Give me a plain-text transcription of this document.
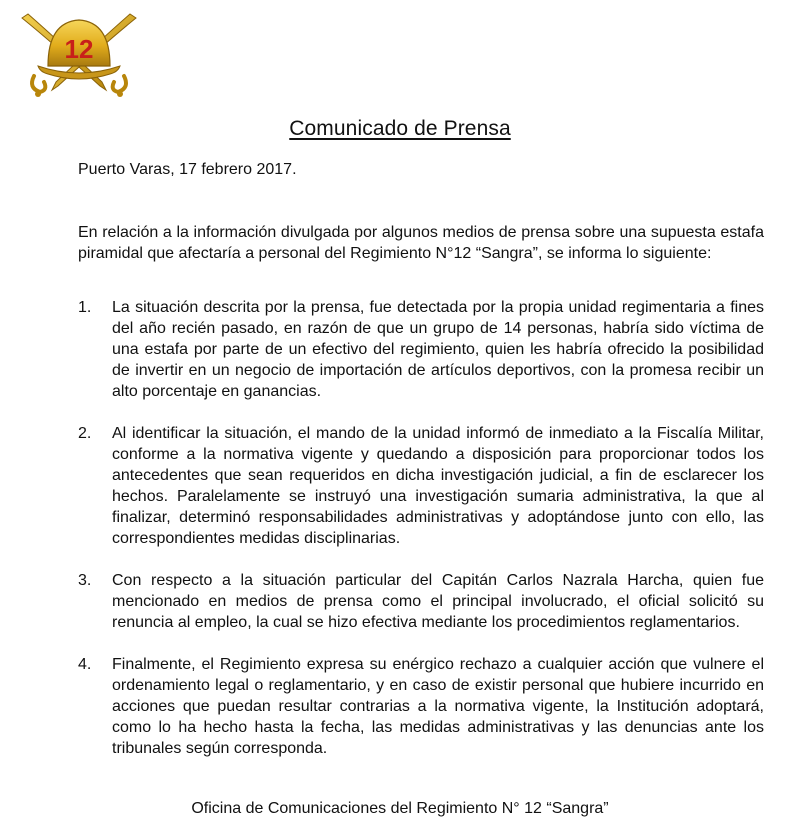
12
Comunicado de Prensa
Puerto Varas, 17 febrero 2017.
En relación a la información divulgada por algunos medios de prensa sobre una supuesta estafa piramidal que afectaría a personal del Regimiento N°12 “Sangra”, se informa lo siguiente:
1. La situación descrita por la prensa, fue detectada por la propia unidad regimentaria a fines del año recién pasado, en razón de que un grupo de 14 personas, habría sido víctima de una estafa por parte de un efectivo del regimiento, quien les habría ofrecido la posibilidad de invertir en un negocio de importación de artículos deportivos, con la promesa recibir un alto porcentaje en ganancias.
2. Al identificar la situación, el mando de la unidad informó de inmediato a la Fiscalía Militar, conforme a la normativa vigente y quedando a disposición para proporcionar todos los antecedentes que sean requeridos en dicha investigación judicial, a fin de esclarecer los hechos. Paralelamente se instruyó una investigación sumaria administrativa, la que al finalizar, determinó responsabilidades administrativas y adoptándose junto con ello, las correspondientes medidas disciplinarias.
3. Con respecto a la situación particular del Capitán Carlos Nazrala Harcha, quien fue mencionado en medios de prensa como el principal involucrado, el oficial solicitó su renuncia al empleo, la cual se hizo efectiva mediante los procedimientos reglamentarios.
4. Finalmente, el Regimiento expresa su enérgico rechazo a cualquier acción que vulnere el ordenamiento legal o reglamentario, y en caso de existir personal que hubiere incurrido en acciones que puedan resultar contrarias a la normativa vigente, la Institución adoptará, como lo ha hecho hasta la fecha, las medidas administrativas y las denuncias ante los tribunales según corresponda.
Oficina de Comunicaciones del Regimiento N° 12 “Sangra”
